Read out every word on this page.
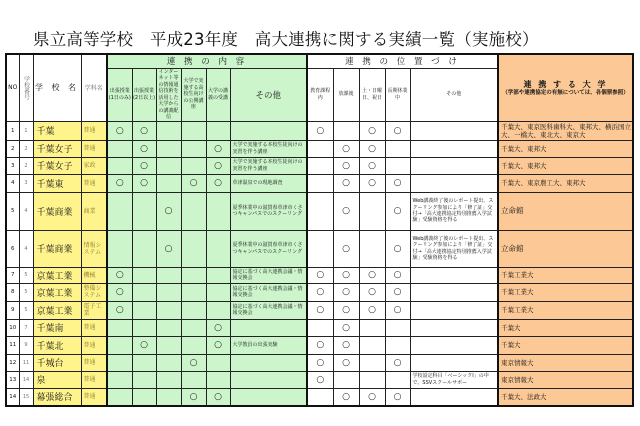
県立高等学校　平成23年度　高大連携に関する実績一覧（実施校）
NO	学校番号	学 校 名	学科名	連 携 の 内 容						連 携 の 位 置 づ け					連 携 す る 大 学
（学部や連携協定の有無については、各個票参照）

				出張授業(1日のみ)	出張授業(2日以上)	インターネット等の情報通信技術を活用した大学からの講義配信	大学で実施する高校生向けの公開講座	大学の講義の受講	その他	教育課程内	放課後	土・日曜日、祝日	長期休業中	その他	
1	1	千葉	普通	○	○					○		○	○		千葉大、東京医科歯科大、東邦大、横浜国立大、一橋大、東北大、東京大
2	2	千葉女子	普通		○			○	大学で実施する本校生徒向けの実習を伴う講座		○	○			千葉大、東邦大
3	2	千葉女子	家政		○			○	大学で実施する本校生徒向けの実習を伴う講座		○	○			千葉大、東邦大
4	3	千葉東	普通	○	○		○	○	草津温泉での現地調査		○	○	○		千葉大、東京農工大、東邦大
5	4	千葉商業	商業			○			夏季休業中の滋賀県草津市くさつキャンパスでのスクーリング		○		○	Web講義終了後のレポート提出、スクーリング参加により「修了証」交付→「高大連携協定特別推薦入学試験」受験資格を得る	立命館
6	4	千葉商業	情報システム			○			夏季休業中の滋賀県草津市くさつキャンパスでのスクーリング		○		○	Web講義終了後のレポート提出、スクーリング参加により「修了証」交付→「高大連携協定特別推薦入学試験」受験資格を得る	立命館
7	5	京葉工業	機械	○					協定に基づく高大連携会議・情報交換会	○	○	○	○		千葉工業大
8	5	京葉工業	整備システム	○					協定に基づく高大連携会議・情報交換会	○	○	○	○		千葉工業大
9	5	京葉工業	電子工業	○					協定に基づく高大連携会議・情報交換会	○	○	○	○		千葉工業大
10	7	千葉南	普通					○			○				千葉大
11	9	千葉北	普通		○			○	大学教員の出張実験	○	○				千葉大
12	11	千城台	普通				○			○	○		○		東京情報大
13	14	泉	普通							○				学校設定科目「ベーシックⅠ」の中で、SSVスクールサポー	東京情報大
14	15	幕張総合	普通				○	○			○	○	○		千葉大、法政大
